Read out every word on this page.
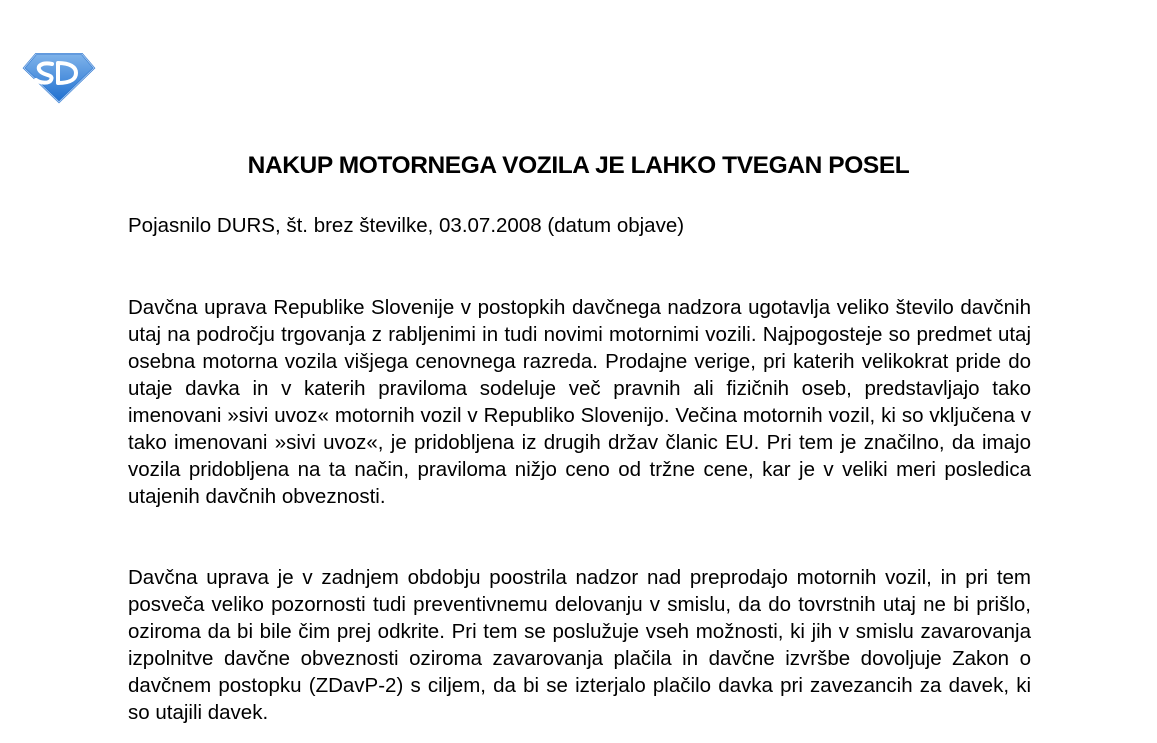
NAKUP MOTORNEGA VOZILA JE LAHKO TVEGAN POSEL

Pojasnilo DURS, št. brez številke, 03.07.2008 (datum objave)

Davčna uprava Republike Slovenije v postopkih davčnega nadzora ugotavlja veliko število davčnih utaj na področju trgovanja z rabljenimi in tudi novimi motornimi vozili. Najpogosteje so predmet utaj osebna motorna vozila višjega cenovnega razreda. Prodajne verige, pri katerih velikokrat pride do utaje davka in v katerih praviloma sodeluje več pravnih ali fizičnih oseb, predstavljajo tako imenovani »sivi uvoz« motornih vozil v Republiko Slovenijo. Večina motornih vozil, ki so vključena v tako imenovani »sivi uvoz«, je pridobljena iz drugih držav članic EU. Pri tem je značilno, da imajo vozila pridobljena na ta način, praviloma nižjo ceno od tržne cene, kar je v veliki meri posledica utajenih davčnih obveznosti.

Davčna uprava je v zadnjem obdobju poostrila nadzor nad preprodajo motornih vozil, in pri tem posveča veliko pozornosti tudi preventivnemu delovanju v smislu, da do tovrstnih utaj ne bi prišlo, oziroma da bi bile čim prej odkrite. Pri tem se poslužuje vseh možnosti, ki jih v smislu zavarovanja izpolnitve davčne obveznosti oziroma zavarovanja plačila in davčne izvršbe dovoljuje Zakon o davčnem postopku (ZDavP-2) s ciljem, da bi se izterjalo plačilo davka pri zavezancih za davek, ki so utajili davek.
